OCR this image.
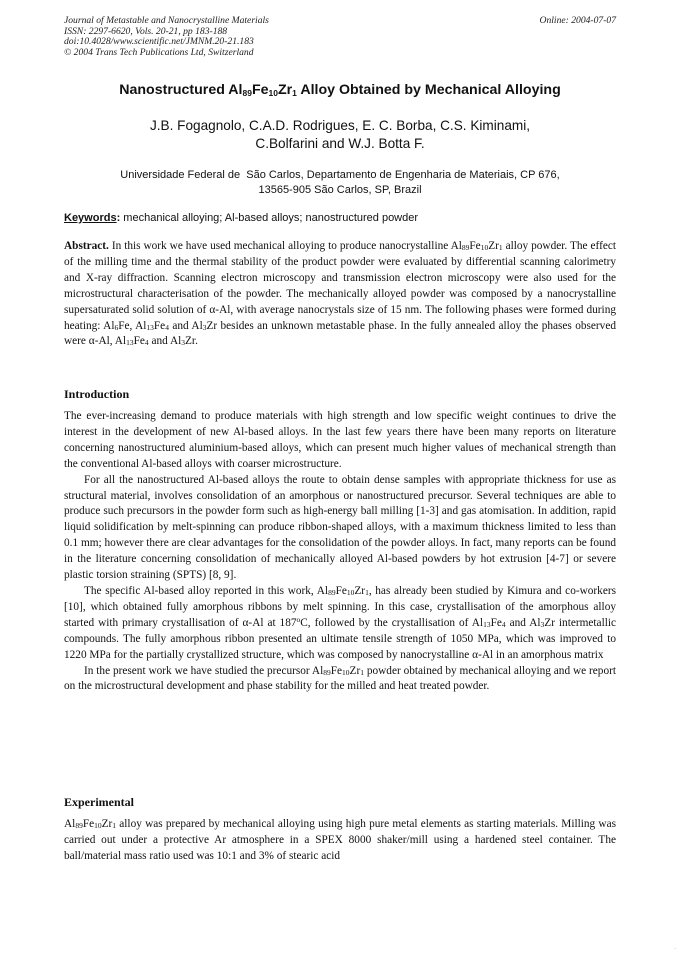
Journal of Metastable and Nanocrystalline Materials
ISSN: 2297-6620, Vols. 20-21, pp 183-188
doi:10.4028/www.scientific.net/JMNM.20-21.183
© 2004 Trans Tech Publications Ltd, Switzerland
Online: 2004-07-07
Nanostructured $Al_{89}Fe_{10}Zr_1$ Alloy Obtained by Mechanical Alloying
J.B. Fogagnolo, C.A.D. Rodrigues, E. C. Borba, C.S. Kiminami,
C.Bolfarini and W.J. Botta F.
Universidade Federal de  São Carlos, Departamento de Engenharia de Materiais, CP 676,
13565-905 São Carlos, SP, Brazil
Keywords: mechanical alloying; Al-based alloys; nanostructured powder

Abstract. In this work we have used mechanical alloying to produce nanocrystalline $Al_{89}Fe_{10}Zr_1$ alloy powder. The effect of the milling time and the thermal stability of the product powder were evaluated by differential scanning calorimetry and X-ray diffraction. Scanning electron microscopy and transmission electron microscopy were also used for the microstructural characterisation of the powder. The mechanically alloyed powder was composed by a nanocrystalline supersaturated solid solution of α-Al, with average nanocrystals size of 15 nm. The following phases were formed during heating: $Al_6Fe$, $Al_{13}Fe_4$ and $Al_3Zr$ besides an unknown metastable phase. In the fully annealed alloy the phases observed were α-Al, $Al_{13}Fe_4$ and $Al_3Zr$.

Introduction

The ever-increasing demand to produce materials with high strength and low specific weight continues to drive the interest in the development of new Al-based alloys. In the last few years there have been many reports on literature concerning nanostructured aluminium-based alloys, which can present much higher values of mechanical strength than the conventional Al-based alloys with coarser microstructure.

For all the nanostructured Al-based alloys the route to obtain dense samples with appropriate thickness for use as structural material, involves consolidation of an amorphous or nanostructured precursor. Several techniques are able to produce such precursors in the powder form such as high-energy ball milling [1-3] and gas atomisation. In addition, rapid liquid solidification by melt-spinning can produce ribbon-shaped alloys, with a maximum thickness limited to less than 0.1 mm; however there are clear advantages for the consolidation of the powder alloys. In fact, many reports can be found in the literature concerning consolidation of mechanically alloyed Al-based powders by hot extrusion [4-7] or severe plastic torsion straining (SPTS) [8, 9].

The specific Al-based alloy reported in this work, $Al_{89}Fe_{10}Zr_1$, has already been studied by Kimura and co-workers [10], which obtained fully amorphous ribbons by melt spinning. In this case, crystallisation of the amorphous alloy started with primary crystallisation of α-Al at 187$^o$C, followed by the crystallisation of $Al_{13}Fe_4$ and $Al_3Zr$ intermetallic compounds. The fully amorphous ribbon presented an ultimate tensile strength of 1050 MPa, which was improved to 1220 MPa for the partially crystallized structure, which was composed by nanocrystalline α-Al in an amorphous matrix

In the present work we have studied the precursor $Al_{89}Fe_{10}Zr_1$ powder obtained by mechanical alloying and we report on the microstructural development and phase stability for the milled and heat treated powder.

Experimental

$Al_{89}Fe_{10}Zr_1$ alloy was prepared by mechanical alloying using high pure metal elements as starting materials. Milling was carried out under a protective Ar atmosphere in a SPEX 8000 shaker/mill using a hardened steel container. The ball/material mass ratio used was 10:1 and 3% of stearic acid

·
